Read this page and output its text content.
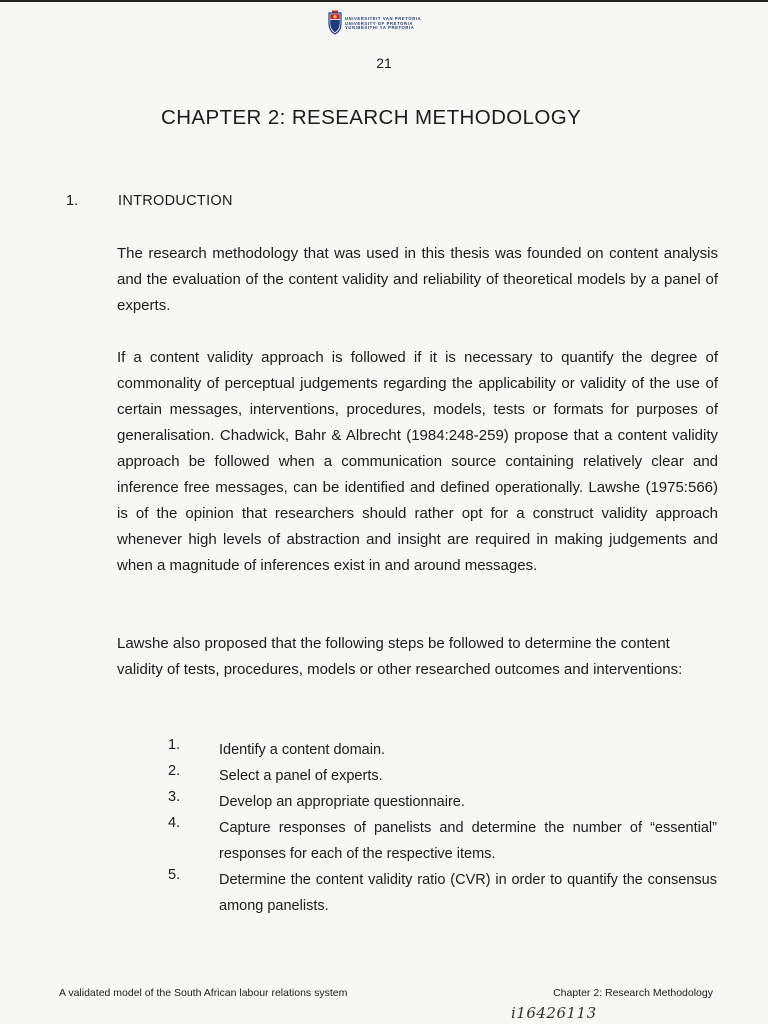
UNIVERSITEIT VAN PRETORIA
UNIVERSITY OF PRETORIA
YUNIBESITHI YA PRETORIA
21
CHAPTER 2: RESEARCH METHODOLOGY
1.	INTRODUCTION

The research methodology that was used in this thesis was founded on content analysis and the evaluation of the content validity and reliability of theoretical models by a panel of experts.

If a content validity approach is followed if it is necessary to quantify the degree of commonality of perceptual judgements regarding the applicability or validity of the use of certain messages, interventions, procedures, models, tests or formats for purposes of generalisation. Chadwick, Bahr & Albrecht (1984:248-259) propose that a content validity approach be followed when a communication source containing relatively clear and inference free messages, can be identified and defined operationally. Lawshe (1975:566) is of the opinion that researchers should rather opt for a construct validity approach whenever high levels of abstraction and insight are required in making judgements and when a magnitude of inferences exist in and around messages.

Lawshe also proposed that the following steps be followed to determine the content validity of tests, procedures, models or other researched outcomes and interventions:

1.	Identify a content domain.
2.	Select a panel of experts.
3.	Develop an appropriate questionnaire.
4.	Capture responses of panelists and determine the number of “essential” responses for each of the respective items.
5.	Determine the content validity ratio (CVR) in order to quantify the consensus among panelists.
A validated model of the South African labour relations system	Chapter 2: Research Methodology
i16426113
